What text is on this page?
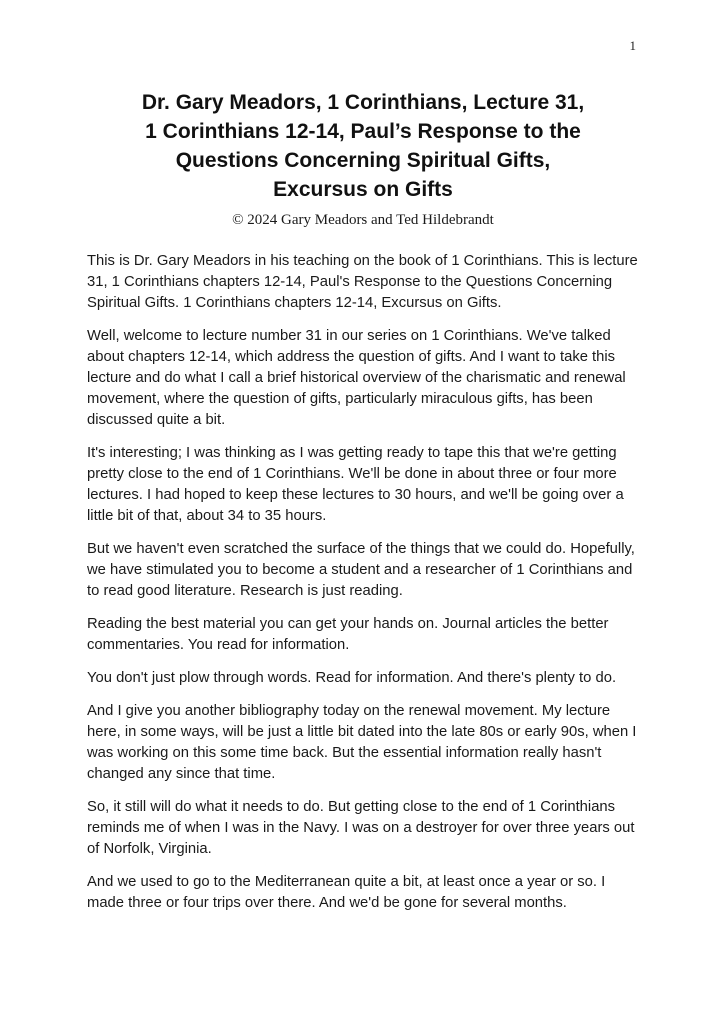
1
Dr. Gary Meadors, 1 Corinthians, Lecture 31,
1 Corinthians 12-14, Paul’s Response to the
Questions Concerning Spiritual Gifts,
Excursus on Gifts
© 2024 Gary Meadors and Ted Hildebrandt

This is Dr. Gary Meadors in his teaching on the book of 1 Corinthians. This is lecture 31, 1 Corinthians chapters 12-14, Paul's Response to the Questions Concerning Spiritual Gifts. 1 Corinthians chapters 12-14, Excursus on Gifts.

Well, welcome to lecture number 31 in our series on 1 Corinthians. We've talked about chapters 12-14, which address the question of gifts. And I want to take this lecture and do what I call a brief historical overview of the charismatic and renewal movement, where the question of gifts, particularly miraculous gifts, has been discussed quite a bit.

It's interesting; I was thinking as I was getting ready to tape this that we're getting pretty close to the end of 1 Corinthians. We'll be done in about three or four more lectures. I had hoped to keep these lectures to 30 hours, and we'll be going over a little bit of that, about 34 to 35 hours.

But we haven't even scratched the surface of the things that we could do. Hopefully, we have stimulated you to become a student and a researcher of 1 Corinthians and to read good literature. Research is just reading.

Reading the best material you can get your hands on. Journal articles the better commentaries. You read for information.

You don't just plow through words. Read for information. And there's plenty to do.

And I give you another bibliography today on the renewal movement. My lecture here, in some ways, will be just a little bit dated into the late 80s or early 90s, when I was working on this some time back. But the essential information really hasn't changed any since that time.

So, it still will do what it needs to do. But getting close to the end of 1 Corinthians reminds me of when I was in the Navy. I was on a destroyer for over three years out of Norfolk, Virginia.

And we used to go to the Mediterranean quite a bit, at least once a year or so. I made three or four trips over there. And we'd be gone for several months.
